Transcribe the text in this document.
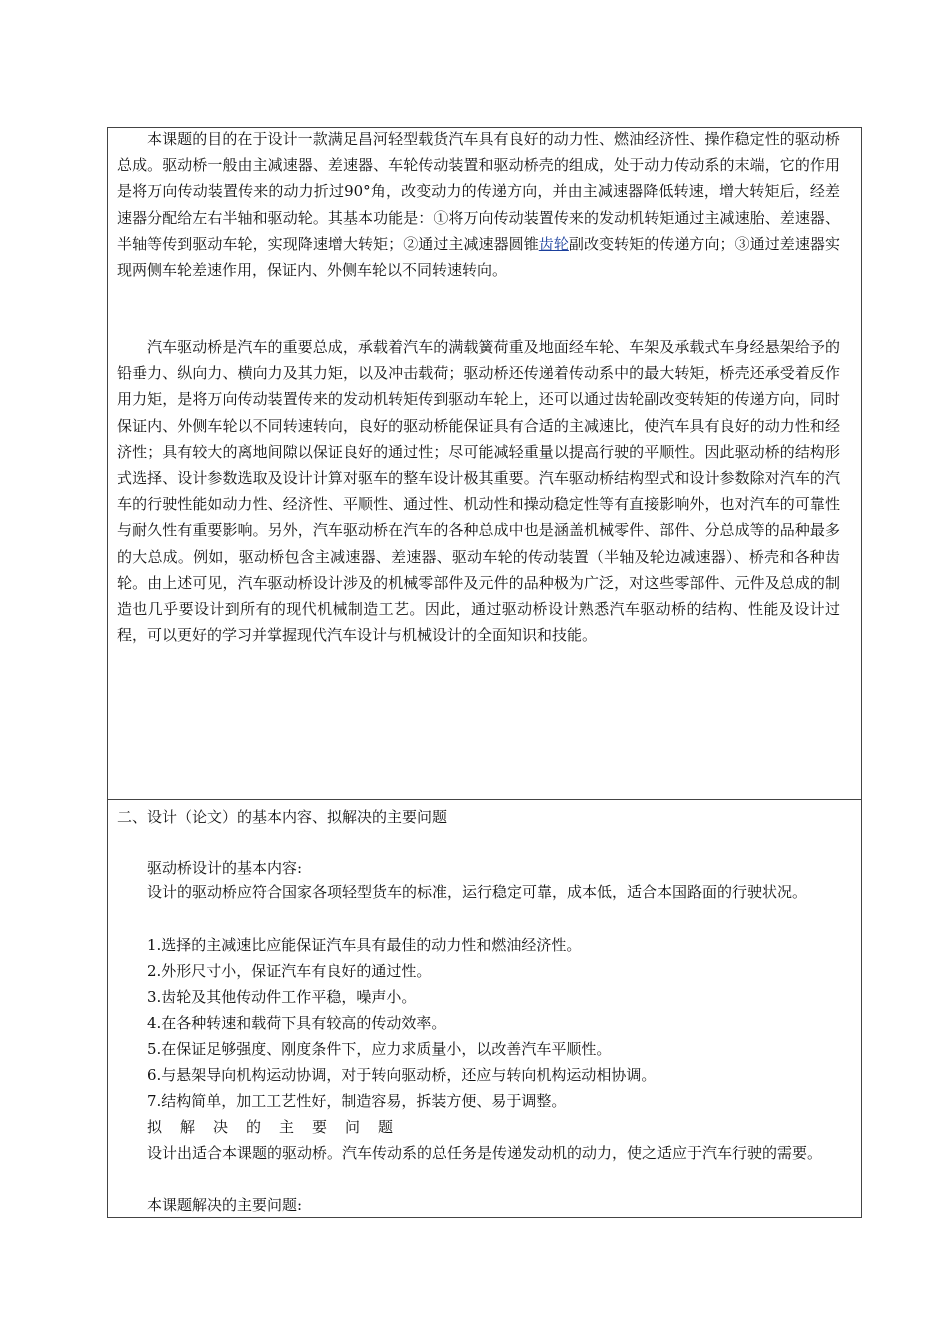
本课题的目的在于设计一款满足昌河轻型载货汽车具有良好的动力性、燃油经济性、操作稳定性的驱动桥总成。驱动桥一般由主减速器、差速器、车轮传动装置和驱动桥壳的组成，处于动力传动系的末端，它的作用是将万向传动装置传来的动力折过90°角，改变动力的传递方向，并由主减速器降低转速，增大转矩后，经差速器分配给左右半轴和驱动轮。其基本功能是：①将万向传动装置传来的发动机转矩通过主减速胎、差速器、半轴等传到驱动车轮，实现降速增大转矩；②通过主减速器圆锥齿轮副改变转矩的传递方向；③通过差速器实现两侧车轮差速作用，保证内、外侧车轮以不同转速转向。

汽车驱动桥是汽车的重要总成，承载着汽车的满载簧荷重及地面经车轮、车架及承载式车身经悬架给予的铅垂力、纵向力、横向力及其力矩，以及冲击载荷；驱动桥还传递着传动系中的最大转矩，桥壳还承受着反作用力矩，是将万向传动装置传来的发动机转矩传到驱动车轮上，还可以通过齿轮副改变转矩的传递方向，同时保证内、外侧车轮以不同转速转向，良好的驱动桥能保证具有合适的主减速比，使汽车具有良好的动力性和经济性；具有较大的离地间隙以保证良好的通过性；尽可能减轻重量以提高行驶的平顺性。因此驱动桥的结构形式选择、设计参数选取及设计计算对驱车的整车设计极其重要。汽车驱动桥结构型式和设计参数除对汽车的汽车的行驶性能如动力性、经济性、平顺性、通过性、机动性和操动稳定性等有直接影响外，也对汽车的可靠性与耐久性有重要影响。另外，汽车驱动桥在汽车的各种总成中也是涵盖机械零件、部件、分总成等的品种最多的大总成。例如，驱动桥包含主减速器、差速器、驱动车轮的传动装置（半轴及轮边减速器）、桥壳和各种齿轮。由上述可见，汽车驱动桥设计涉及的机械零部件及元件的品种极为广泛，对这些零部件、元件及总成的制造也几乎要设计到所有的现代机械制造工艺。因此，通过驱动桥设计熟悉汽车驱动桥的结构、性能及设计过程，可以更好的学习并掌握现代汽车设计与机械设计的全面知识和技能。

二、设计（论文）的基本内容、拟解决的主要问题

驱动桥设计的基本内容:

设计的驱动桥应符合国家各项轻型货车的标准，运行稳定可靠，成本低，适合本国路面的行驶状况。

1.选择的主减速比应能保证汽车具有最佳的动力性和燃油经济性。

2.外形尺寸小，保证汽车有良好的通过性。

3.齿轮及其他传动件工作平稳，噪声小。

4.在各种转速和载荷下具有较高的传动效率。

5.在保证足够强度、刚度条件下，应力求质量小，以改善汽车平顺性。

6.与悬架导向机构运动协调，对于转向驱动桥，还应与转向机构运动相协调。

7.结构简单，加工工艺性好，制造容易，拆装方便、易于调整。

拟解决的主要问题

设计出适合本课题的驱动桥。汽车传动系的总任务是传递发动机的动力，使之适应于汽车行驶的需要。

本课题解决的主要问题:
